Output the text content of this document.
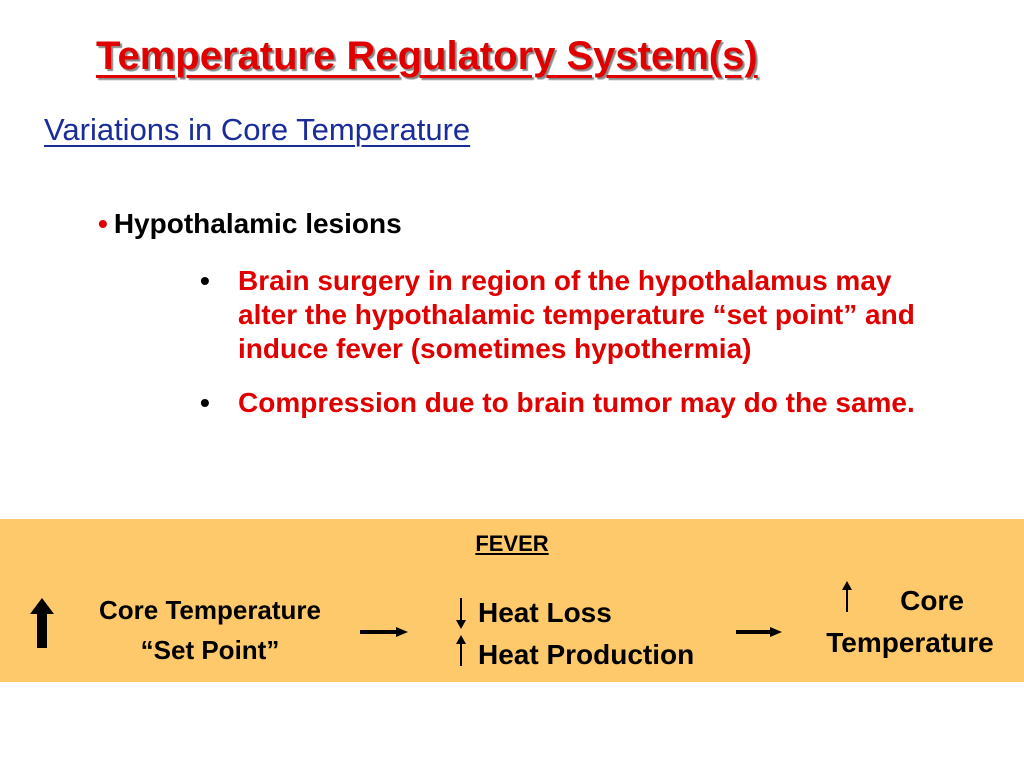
Temperature Regulatory System(s)
Variations in Core Temperature
• Hypothalamic lesions
• Brain surgery in region of the hypothalamus may alter the hypothalamic temperature “set point” and induce fever (sometimes hypothermia)
• Compression due to brain tumor may do the same.
FEVER
Core Temperature
“Set Point”
Heat Loss
Heat Production
Core
Temperature
